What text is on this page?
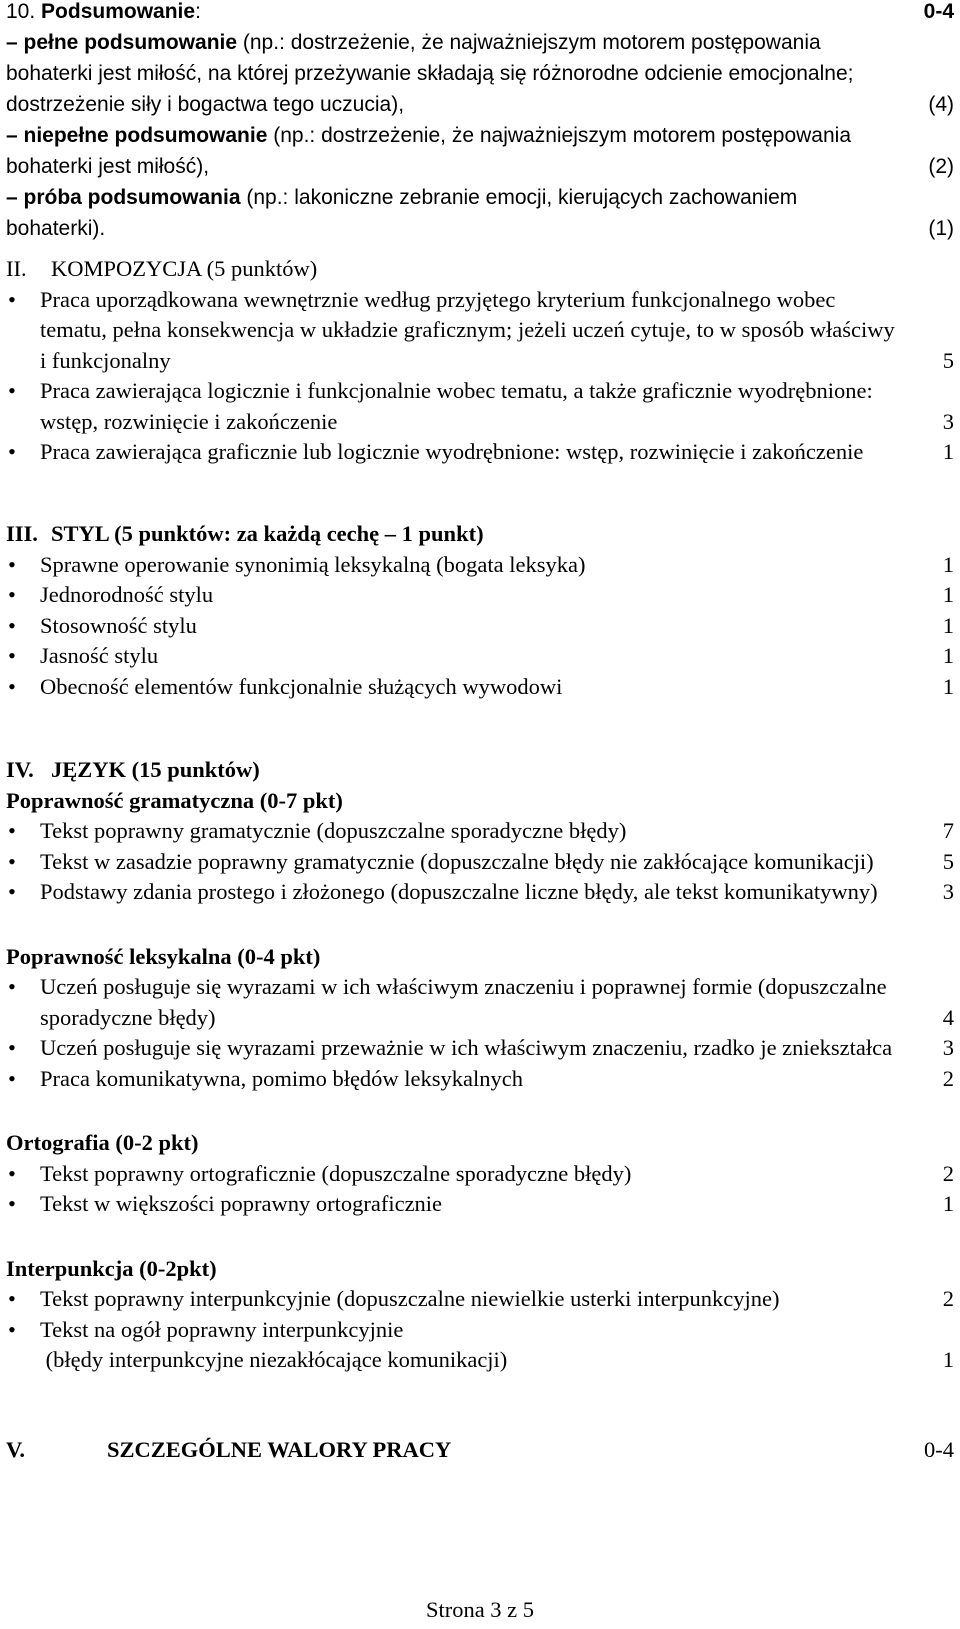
10. Podsumowanie:	0-4
– pełne podsumowanie (np.: dostrzeżenie, że najważniejszym motorem postępowania bohaterki jest miłość, na której przeżywanie składają się różnorodne odcienie emocjonalne; dostrzeżenie siły i bogactwa tego uczucia),	(4)
– niepełne podsumowanie (np.: dostrzeżenie, że najważniejszym motorem postępowania bohaterki jest miłość),	(2)
– próba podsumowania (np.: lakoniczne zebranie emocji, kierujących zachowaniem bohaterki).	(1)
II. KOMPOZYCJA (5 punktów)
• Praca uporządkowana wewnętrznie według przyjętego kryterium funkcjonalnego wobec tematu, pełna konsekwencja w układzie graficznym; jeżeli uczeń cytuje, to w sposób właściwy i funkcjonalny	5
• Praca zawierająca logicznie i funkcjonalnie wobec tematu, a także graficznie wyodrębnione: wstęp, rozwinięcie i zakończenie	3
• Praca zawierająca graficznie lub logicznie wyodrębnione: wstęp, rozwinięcie i zakończenie	1
III. STYL (5 punktów: za każdą cechę – 1 punkt)
• Sprawne operowanie synonimią leksykalną (bogata leksyka)	1
• Jednorodność stylu	1
• Stosowność stylu	1
• Jasność stylu	1
• Obecność elementów funkcjonalnie służących wywodowi	1
IV. JĘZYK (15 punktów)
Poprawność gramatyczna (0-7 pkt)
• Tekst poprawny gramatycznie (dopuszczalne sporadyczne błędy)	7
• Tekst w zasadzie poprawny gramatycznie (dopuszczalne błędy nie zakłócające komunikacji)	5
• Podstawy zdania prostego i złożonego (dopuszczalne liczne błędy, ale tekst komunikatywny)	3
Poprawność leksykalna (0-4 pkt)
• Uczeń posługuje się wyrazami w ich właściwym znaczeniu i poprawnej formie (dopuszczalne sporadyczne błędy)	4
• Uczeń posługuje się wyrazami przeważnie w ich właściwym znaczeniu, rzadko je zniekształca	3
• Praca komunikatywna, pomimo błędów leksykalnych	2
Ortografia (0-2 pkt)
• Tekst poprawny ortograficznie (dopuszczalne sporadyczne błędy)	2
• Tekst w większości poprawny ortograficznie	1
Interpunkcja (0-2pkt)
• Tekst poprawny interpunkcyjnie (dopuszczalne niewielkie usterki interpunkcyjne)	2
• Tekst na ogół poprawny interpunkcyjnie
(błędy interpunkcyjne niezakłócające komunikacji)	1
V.	SZCZEGÓLNE WALORY PRACY	0-4
Strona 3 z 5
